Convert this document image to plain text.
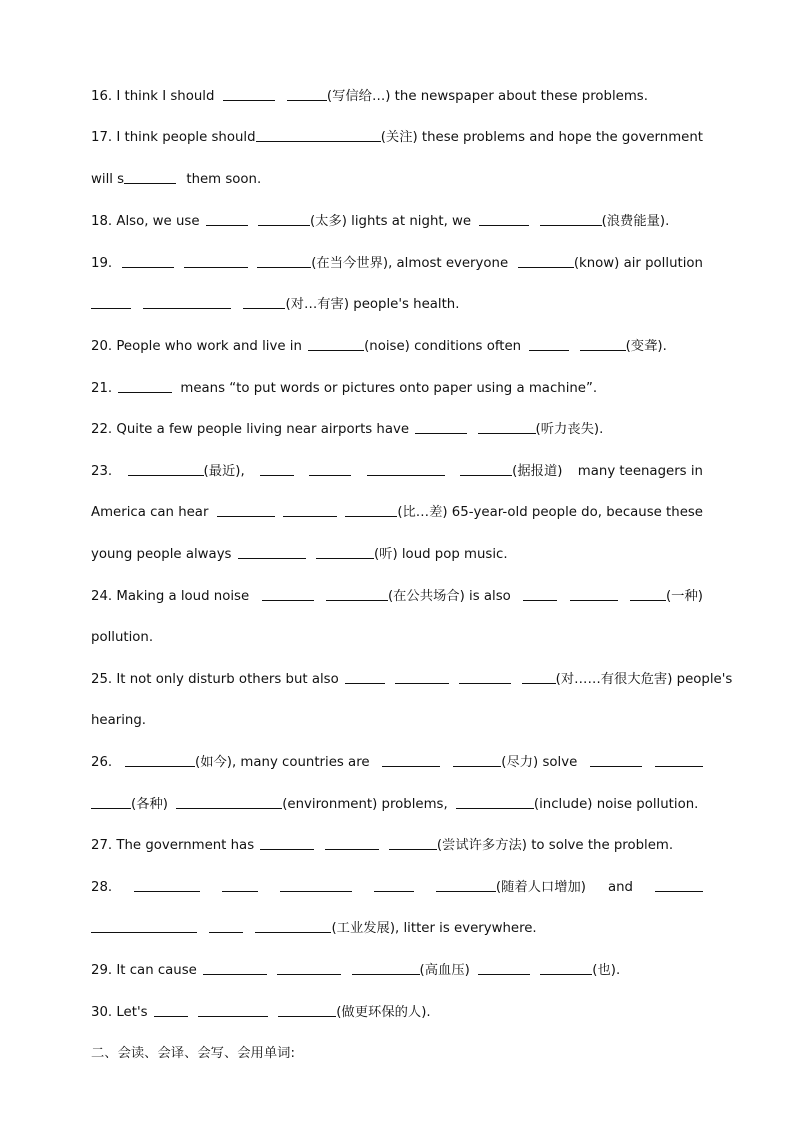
16. I think I should	(写信给…) the newspaper about these problems.
17. I think people should	(关注) these problems and hope the government
will s	them soon.
18. Also, we use	(太多) lights at night, we	(浪费能量).
19.	(在当今世界), almost everyone	(know) air pollution
(对…有害) people's health.
20. People who work and live in	(noise) conditions often	(变聋).
21.	means “to put words or pictures onto paper using a machine”.
22. Quite a few people living near airports have	(听力丧失).
23.	(最近),	(据报道) many teenagers in
America can hear	(比…差) 65-year-old people do, because these
young people always	(听) loud pop music.
24. Making a loud noise	(在公共场合) is also	(一种)
pollution.
25. It not only disturb others but also	(对……有很大危害) people's
hearing.
26.	(如今), many countries are	(尽力) solve
(各种)	(environment) problems,	(include) noise pollution.
27. The government has	(尝试许多方法) to solve the problem.
28.	(随着人口增加) and
(工业发展), litter is everywhere.
29. It can cause	(高血压)	(也).
30. Let's	(做更环保的人).
二、会读、会译、会写、会用单词:
